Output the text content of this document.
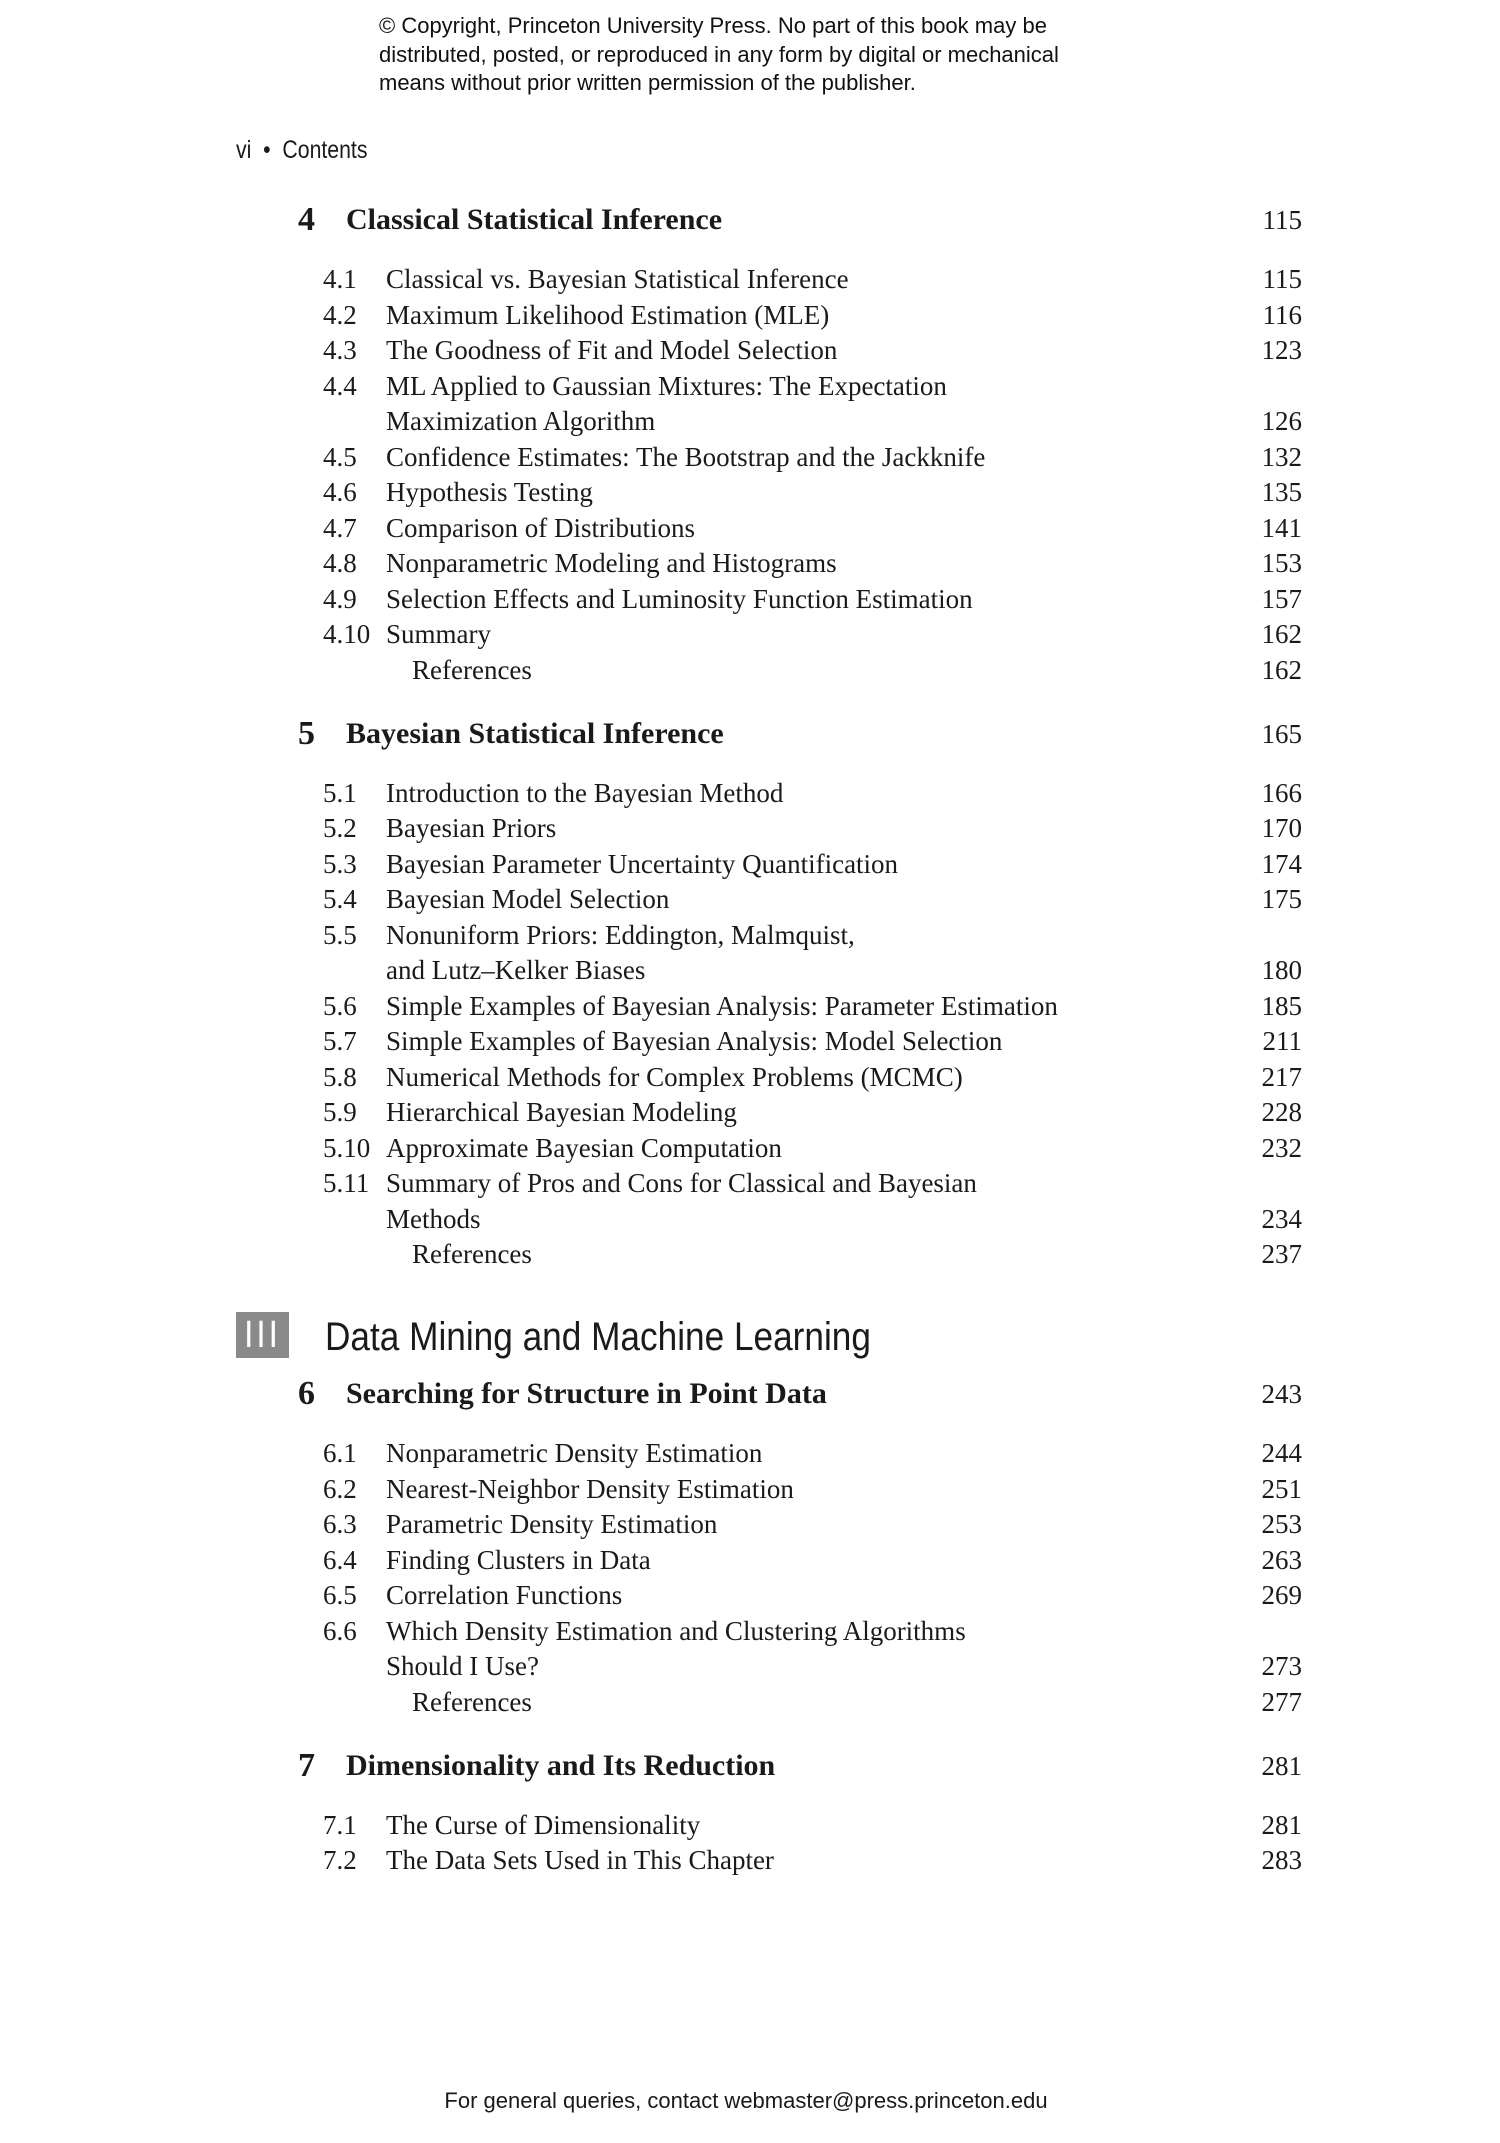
© Copyright, Princeton University Press. No part of this book may be
distributed, posted, or reproduced in any form by digital or mechanical
means without prior written permission of the publisher.
vi  •  Contents
4 Classical Statistical Inference	115
4.1 Classical vs. Bayesian Statistical Inference	115
4.2 Maximum Likelihood Estimation (MLE)	116
4.3 The Goodness of Fit and Model Selection	123
4.4 ML Applied to Gaussian Mixtures: The Expectation
Maximization Algorithm	126
4.5 Confidence Estimates: The Bootstrap and the Jackknife	132
4.6 Hypothesis Testing	135
4.7 Comparison of Distributions	141
4.8 Nonparametric Modeling and Histograms	153
4.9 Selection Effects and Luminosity Function Estimation	157
4.10 Summary	162
References	162
5 Bayesian Statistical Inference	165
5.1 Introduction to the Bayesian Method	166
5.2 Bayesian Priors	170
5.3 Bayesian Parameter Uncertainty Quantification	174
5.4 Bayesian Model Selection	175
5.5 Nonuniform Priors: Eddington, Malmquist,
and Lutz–Kelker Biases	180
5.6 Simple Examples of Bayesian Analysis: Parameter Estimation	185
5.7 Simple Examples of Bayesian Analysis: Model Selection	211
5.8 Numerical Methods for Complex Problems (MCMC)	217
5.9 Hierarchical Bayesian Modeling	228
5.10 Approximate Bayesian Computation	232
5.11 Summary of Pros and Cons for Classical and Bayesian
Methods	234
References	237
III Data Mining and Machine Learning
6 Searching for Structure in Point Data	243
6.1 Nonparametric Density Estimation	244
6.2 Nearest-Neighbor Density Estimation	251
6.3 Parametric Density Estimation	253
6.4 Finding Clusters in Data	263
6.5 Correlation Functions	269
6.6 Which Density Estimation and Clustering Algorithms
Should I Use?	273
References	277
7 Dimensionality and Its Reduction	281
7.1 The Curse of Dimensionality	281
7.2 The Data Sets Used in This Chapter	283
For general queries, contact webmaster@press.princeton.edu
